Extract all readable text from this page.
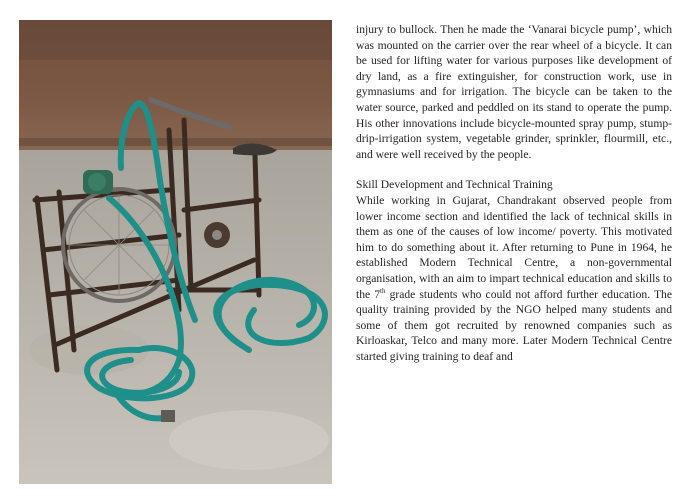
injury to bullock. Then he made the ‘Vanarai bicycle pump’, which was mounted on the carrier over the rear wheel of a bicycle. It can be used for lifting water for various purposes like development of dry land, as a fire extinguisher, for construction work, use in gymnasiums and for irrigation. The bicycle can be taken to the water source, parked and peddled on its stand to operate the pump. His other innovations include bicycle-mounted spray pump, stump-drip-irrigation system, vegetable grinder, sprinkler, flourmill, etc., and were well received by the people.

Skill Development and Technical Training

While working in Gujarat, Chandrakant observed people from lower income section and identified the lack of technical skills in them as one of the causes of low income/ poverty. This motivated him to do something about it. After returning to Pune in 1964, he established Modern Technical Centre, a non-governmental organisation, with an aim to impart technical education and skills to the 7th grade students who could not afford further education. The quality training provided by the NGO helped many students and some of them got recruited by renowned companies such as Kirloaskar, Telco and many more. Later Modern Technical Centre started giving training to deaf and
